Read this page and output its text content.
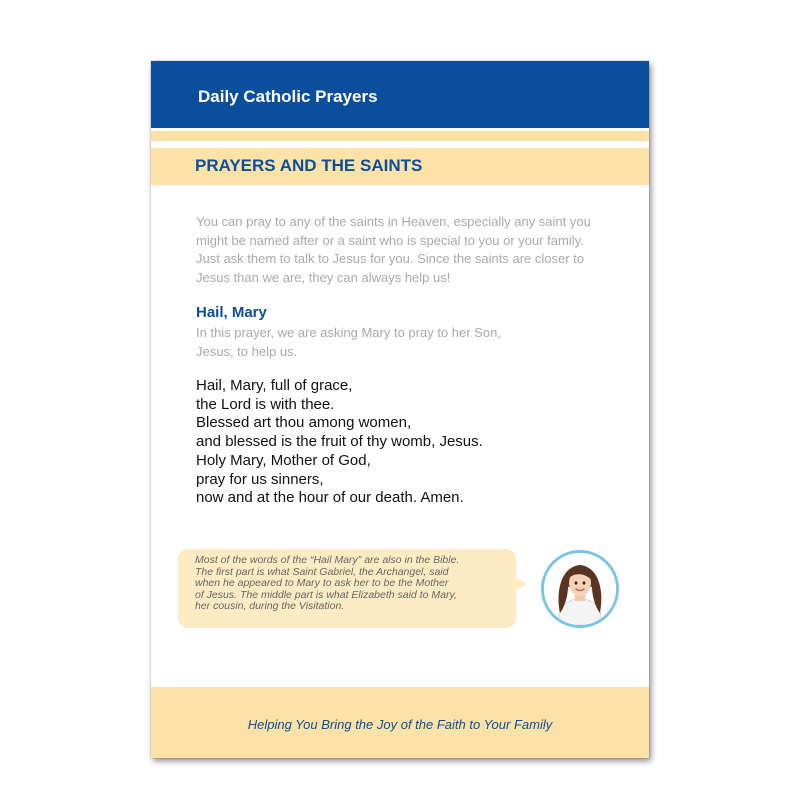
Daily Catholic Prayers
PRAYERS AND THE SAINTS
You can pray to any of the saints in Heaven, especially any saint you
might be named after or a saint who is special to you or your family.
Just ask them to talk to Jesus for you. Since the saints are closer to
Jesus than we are, they can always help us!
Hail, Mary
In this prayer, we are asking Mary to pray to her Son,
Jesus, to help us.
Hail, Mary, full of grace,
the Lord is with thee.
Blessed art thou among women,
and blessed is the fruit of thy womb, Jesus.
Holy Mary, Mother of God,
pray for us sinners,
now and at the hour of our death. Amen.
Most of the words of the “Hail Mary” are also in the Bible.
The first part is what Saint Gabriel, the Archangel, said
when he appeared to Mary to ask her to be the Mother
of Jesus. The middle part is what Elizabeth said to Mary,
her cousin, during the Visitation.
Helping You Bring the Joy of the Faith to Your Family
